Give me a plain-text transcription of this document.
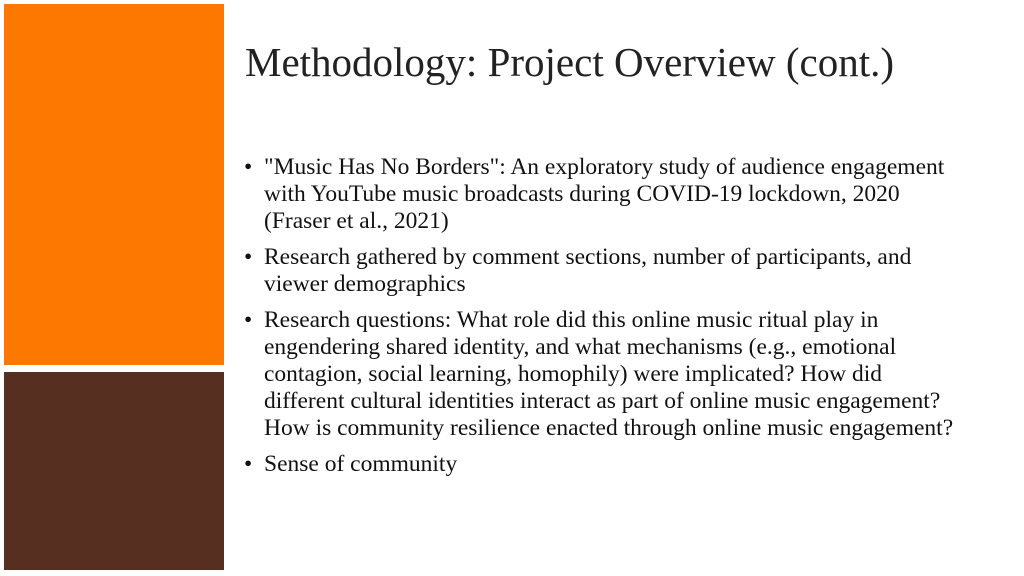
Methodology: Project Overview (cont.)
• "Music Has No Borders": An exploratory study of audience engagement with YouTube music broadcasts during COVID-19 lockdown, 2020 (Fraser et al., 2021)
• Research gathered by comment sections, number of participants, and viewer demographics
• Research questions: What role did this online music ritual play in engendering shared identity, and what mechanisms (e.g., emotional contagion, social learning, homophily) were implicated? How did different cultural identities interact as part of online music engagement? How is community resilience enacted through online music engagement?
• Sense of community
